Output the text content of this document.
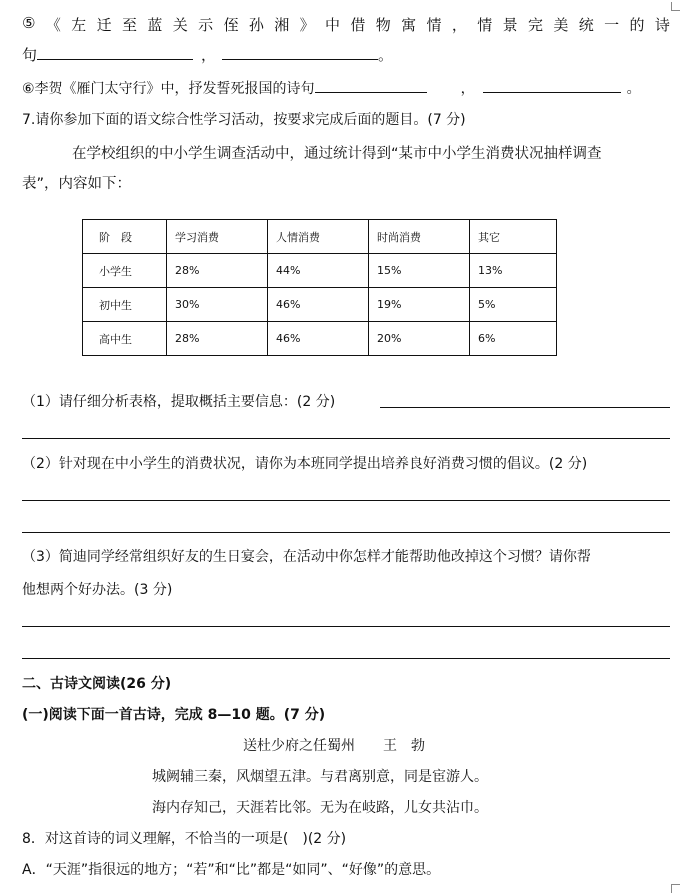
⑤ 《 左 迁 至 蓝 关 示 侄 孙 湘 》 中 借 物 寓 情 ， 情 景 完 美 统 一 的 诗
句	，	。
⑥李贺《雁门太守行》中，抒发誓死报国的诗句	，	。
7.请你参加下面的语文综合性学习活动，按要求完成后面的题目。(7 分)
在学校组织的中小学生调查活动中，通过统计得到“某市中小学生消费状况抽样调查
表”，内容如下：
阶　段	学习消费	人情消费	时尚消费	其它
小学生	28%	44%	15%	13%
初中生	30%	46%	19%	5%
高中生	28%	46%	20%	6%
（1）请仔细分析表格，提取概括主要信息：(2 分)
（2）针对现在中小学生的消费状况，请你为本班同学提出培养良好消费习惯的倡议。(2 分)
（3）简迪同学经常组织好友的生日宴会，在活动中你怎样才能帮助他改掉这个习惯？请你帮
他想两个好办法。(3 分)
二、古诗文阅读(26 分)
(一)阅读下面一首古诗，完成 8—10 题。(7 分)
送杜少府之任蜀州　　王　勃
城阙辅三秦，风烟望五津。与君离别意，同是宦游人。
海内存知己，天涯若比邻。无为在岐路，儿女共沾巾。
8．对这首诗的词义理解，不恰当的一项是(　)(2 分)
A．“天涯”指很远的地方；“若”和“比”都是“如同”、“好像”的意思。
